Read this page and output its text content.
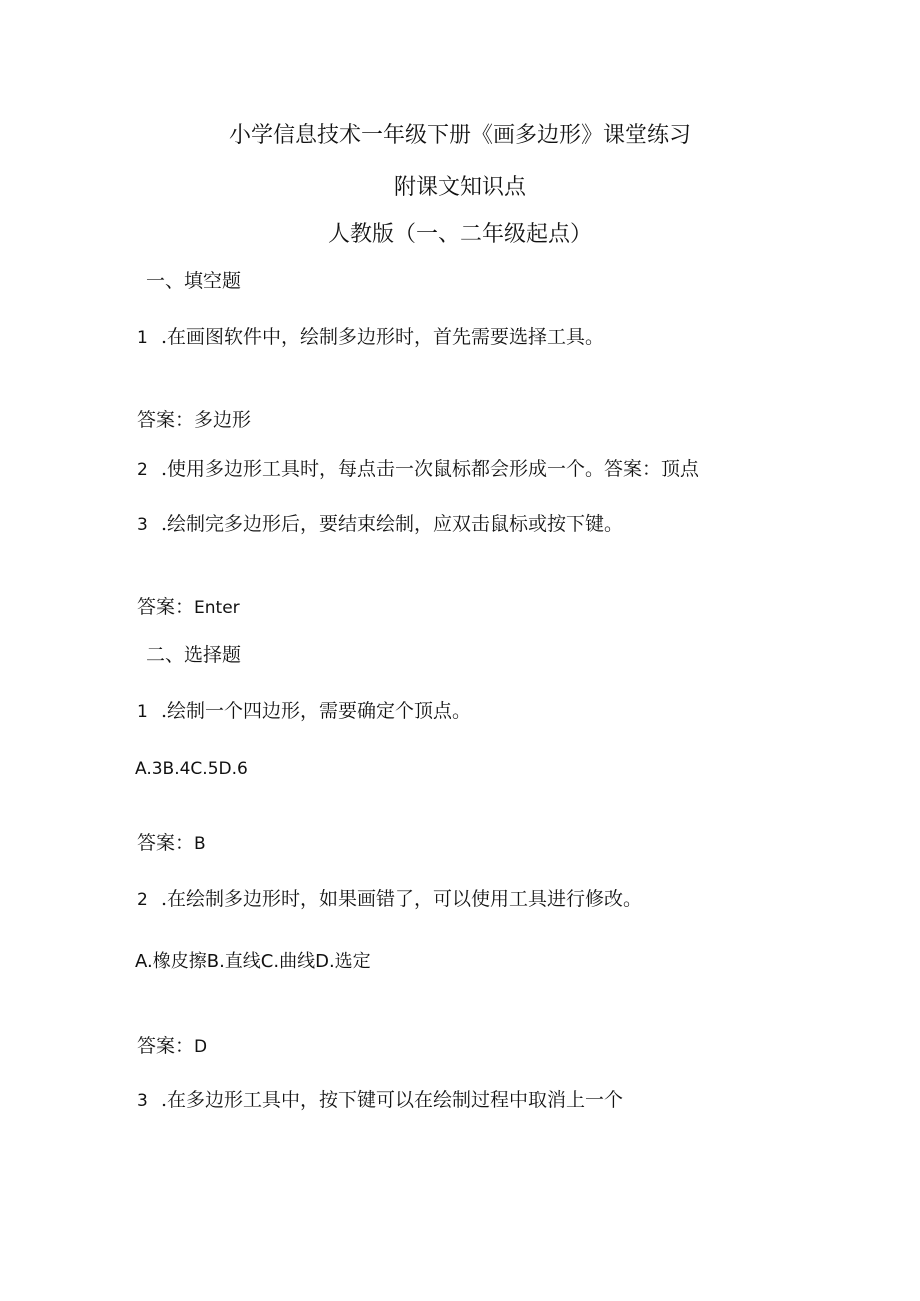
小学信息技术一年级下册《画多边形》课堂练习
附课文知识点
人教版（一、二年级起点）
一、填空题
1 .在画图软件中，绘制多边形时，首先需要选择工具。
答案：多边形
2 .使用多边形工具时，每点击一次鼠标都会形成一个。答案：顶点
3 .绘制完多边形后，要结束绘制，应双击鼠标或按下键。
答案：Enter
二、选择题
1 .绘制一个四边形，需要确定个顶点。
A.3B.4C.5D.6
答案：B
2 .在绘制多边形时，如果画错了，可以使用工具进行修改。
A.橡皮擦B.直线C.曲线D.选定
答案：D
3 .在多边形工具中，按下键可以在绘制过程中取消上一个
